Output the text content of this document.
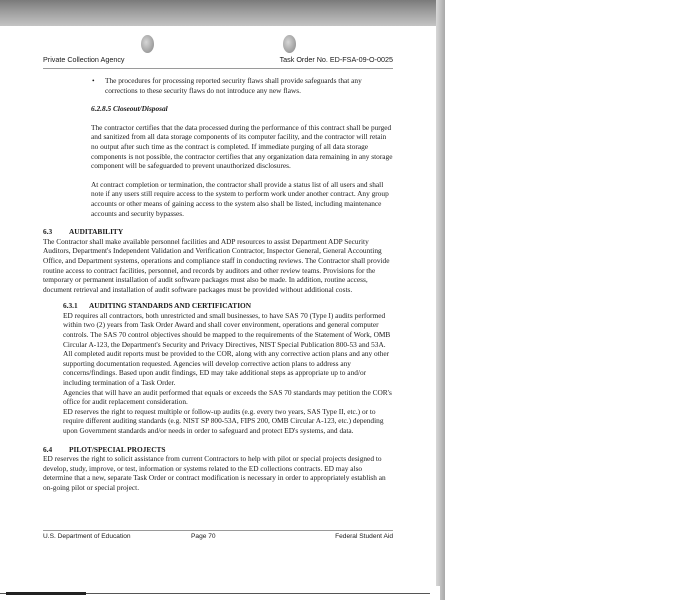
Private Collection Agency	Task Order No. ED-FSA-09-O-0025
• The procedures for processing reported security flaws shall provide safeguards that any corrections to these security flaws do not introduce any new flaws.

6.2.8.5 Closeout/Disposal

The contractor certifies that the data processed during the performance of this contract shall be purged and sanitized from all data storage components of its computer facility, and the contractor will retain no output after such time as the contract is completed. If immediate purging of all data storage components is not possible, the contractor certifies that any organization data remaining in any storage component will be safeguarded to prevent unauthorized disclosures.

At contract completion or termination, the contractor shall provide a status list of all users and shall note if any users still require access to the system to perform work under another contract. Any group accounts or other means of gaining access to the system also shall be listed, including maintenance accounts and security bypasses.

6.3 AUDITABILITY

The Contractor shall make available personnel facilities and ADP resources to assist Department ADP Security Auditors, Department's Independent Validation and Verification Contractor, Inspector General, General Accounting Office, and Department systems, operations and compliance staff in conducting reviews. The Contractor shall provide routine access to contract facilities, personnel, and records by auditors and other review teams. Provisions for the temporary or permanent installation of audit software packages must also be made. In addition, routine access, document retrieval and installation of audit software packages must be provided without additional costs.

6.3.1 AUDITING STANDARDS AND CERTIFICATION

ED requires all contractors, both unrestricted and small businesses, to have SAS 70 (Type I) audits performed within two (2) years from Task Order Award and shall cover environment, operations and general computer controls. The SAS 70 control objectives should be mapped to the requirements of the Statement of Work, OMB Circular A-123, the Department's Security and Privacy Directives, NIST Special Publication 800-53 and 53A. All completed audit reports must be provided to the COR, along with any corrective action plans and any other supporting documentation requested. Agencies will develop corrective action plans to address any concerns/findings. Based upon audit findings, ED may take additional steps as appropriate up to and/or including termination of a Task Order.

Agencies that will have an audit performed that equals or exceeds the SAS 70 standards may petition the COR's office for audit replacement consideration.

ED reserves the right to request multiple or follow-up audits (e.g. every two years, SAS Type II, etc.) or to require different auditing standards (e.g. NIST SP 800-53A, FIPS 200, OMB Circular A-123, etc.) depending upon Government standards and/or needs in order to safeguard and protect ED's systems, and data.

6.4 PILOT/SPECIAL PROJECTS

ED reserves the right to solicit assistance from current Contractors to help with pilot or special projects designed to develop, study, improve, or test, information or systems related to the ED collections contracts. ED may also determine that a new, separate Task Order or contract modification is necessary in order to appropriately establish an on-going pilot or special project.

U.S. Department of Education	Page 70	Federal Student Aid
